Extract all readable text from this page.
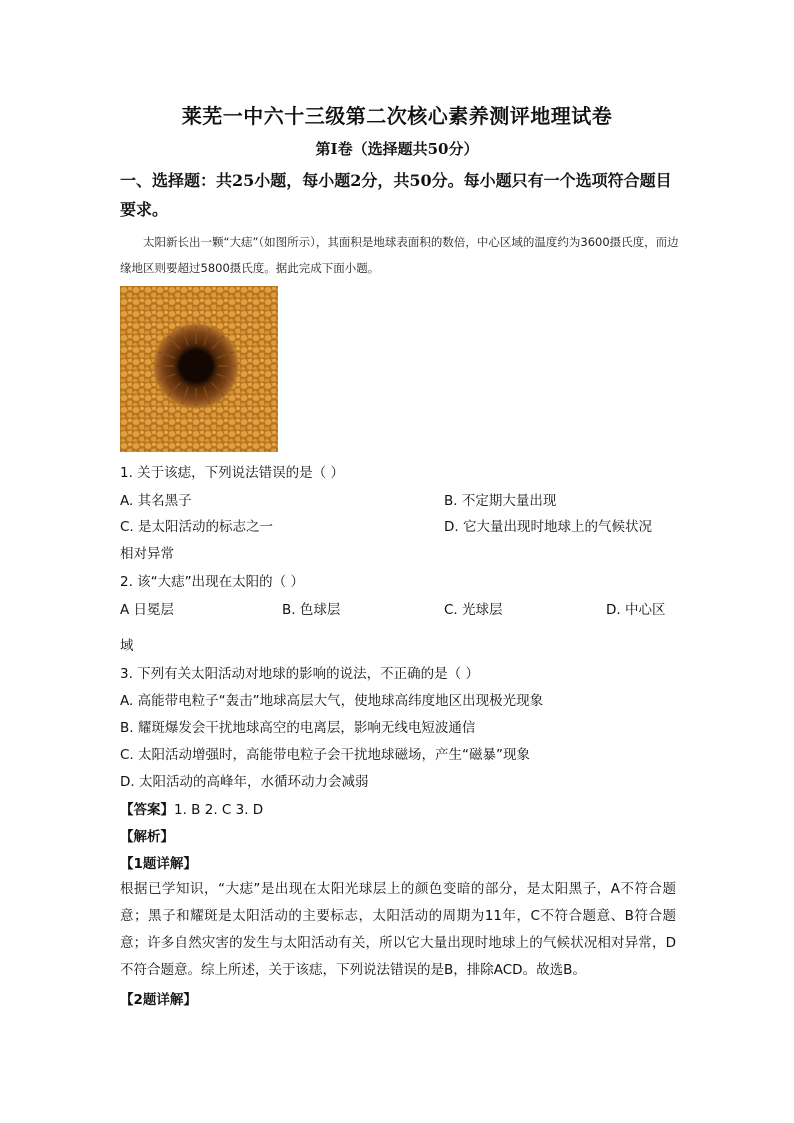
莱芜一中六十三级第二次核心素养测评地理试卷
第Ⅰ卷（选择题共50分）
一、选择题：共25小题，每小题2分，共50分。每小题只有一个选项符合题目要求。
太阳新长出一颗“大痣”（如图所示），其面积是地球表面积的数倍，中心区域的温度约为3600摄氏度，而边缘地区则要超过5800摄氏度。据此完成下面小题。
1. 关于该痣，下列说法错误的是（ ）
A. 其名黑子	B. 不定期大量出现
C. 是太阳活动的标志之一	D. 它大量出现时地球上的气候状况
相对异常
2. 该“大痣”出现在太阳的（ ）
A 日冕层	B. 色球层	C. 光球层	D. 中心区
域
3. 下列有关太阳活动对地球的影响的说法，不正确的是（ ）
A. 高能带电粒子“轰击”地球高层大气，使地球高纬度地区出现极光现象
B. 耀斑爆发会干扰地球高空的电离层，影响无线电短波通信
C. 太阳活动增强时，高能带电粒子会干扰地球磁场，产生“磁暴”现象
D. 太阳活动的高峰年，水循环动力会减弱
【答案】1. B 2. C 3. D
【解析】
【1题详解】
根据已学知识，“大痣”是出现在太阳光球层上的颜色变暗的部分，是太阳黑子，A不符合题意；黑子和耀斑是太阳活动的主要标志，太阳活动的周期为11年，C不符合题意、B符合题意；许多自然灾害的发生与太阳活动有关，所以它大量出现时地球上的气候状况相对异常，D不符合题意。综上所述，关于该痣，下列说法错误的是B，排除ACD。故选B。
【2题详解】
